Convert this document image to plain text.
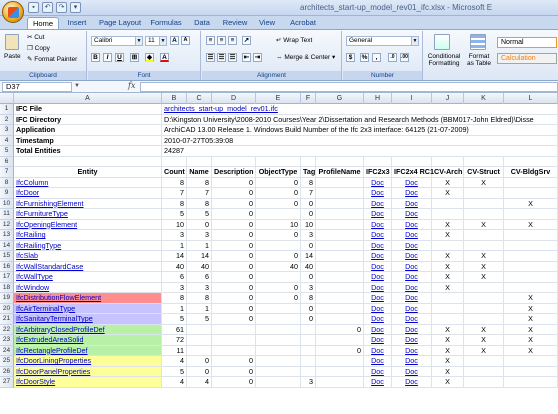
▪	↶	↷	▾	architects_start-up_model_rev01_ifc.xlsx - Microsoft E
Home	Insert	Page Layout	Formulas	Data	Review	View	Acrobat
Paste
✂ Cut
❐ Copy
✎ Format Painter
Clipboard
Calibri	▼	11	▼	A	A
B	I	U	⊞	◆	A
Font
≡	≡	≡	↗	↵ Wrap Text
☰ ☰ ☰ ⇤ ⇥ ⇔ Merge & Center ▾
Alignment
General	▼
$	%	,	.0	.00
Number
Conditional Formatting
Format as Table
Normal
Calculation
D37	▼	fx
A	B	C	D	E	F	G	H	I	J	K	L
1	IFC File	architects_start-up_model_rev01.ifc
2	IFC Directory	D:\Kingston University\2008-2010 Courses\Year 2\Dissertation and Research Methods (BBM017-John Eldred)\Disse
3	Application	ArchiCAD 13.00 Release 1. Windows Build Number of the Ifc 2x3 interface: 64125 (21-07-2009)
4	Timestamp	2010-07-27T05:39:08
5	Total Entities	24287
6
7	Entity	Count Name Description ObjectType Tag ProfileName IFC2x3 IFC2x4 RC1 CV-Arch CV-Struct	CV-BldgSrv
8	IfcColumn	8	8	0	0	8	Doc	Doc	X	X
9	IfcDoor	7	7	0	0	7	Doc	Doc	X
10 IfcFurnishingElement	8	8	0	0	0	Doc	Doc	X
11 IfcFurnitureType	5	5	0	0	Doc	Doc
12 IfcOpeningElement	10	0	0	10 10	Doc	Doc	X	X	X
13 IfcRailing	3	3	0	0	3	Doc	Doc	X
14 IfcRailingType	1	1	0	0	Doc	Doc
15 IfcSlab	14	14	0	0 14	Doc	Doc	X	X
16 IfcWallStandardCase	40	40	0	40 40	Doc	Doc	X	X
17 IfcWallType	6	6	0	0	Doc	Doc	X	X
18 IfcWindow	3	3	0	0	3	Doc	Doc	X
19 IfcDistributionFlowElement	8	8	0	0	8	Doc	Doc	X
20 IfcAirTerminalType	1	1	0	0	Doc	Doc	X
21 IfcSanitaryTerminalType	5	5	0	0	Doc	Doc	X
22 IfcArbitraryClosedProfileDef	61	0	Doc	Doc	X	X	X
23 IfcExtrudedAreaSolid	72	Doc	Doc	X	X	X
24 IfcRectangleProfileDef	11	0	Doc	Doc	X	X	X
25 IfcDoorLiningProperties	4	0	0	Doc	Doc	X
26 IfcDoorPanelProperties	5	0	0	Doc	Doc	X
27 IfcDoorStyle	4	4	0	3	Doc	Doc	X
